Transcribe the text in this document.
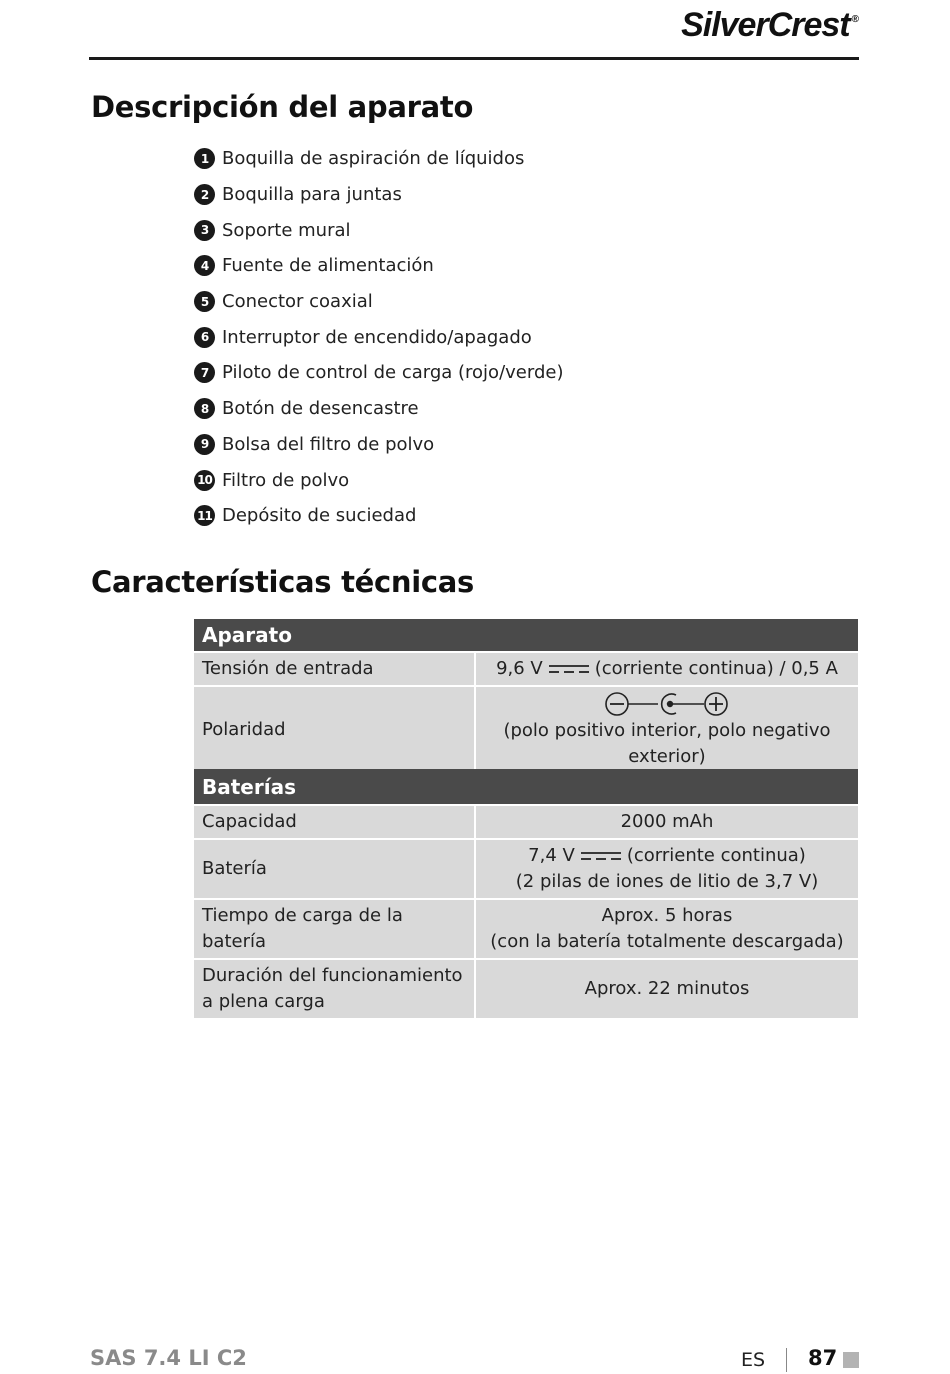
SilverCrest ®
Descripción del aparato
1 Boquilla de aspiración de líquidos
2 Boquilla para juntas
3 Soporte mural
4 Fuente de alimentación
5 Conector coaxial
6 Interruptor de encendido/apagado
7 Piloto de control de carga (rojo/verde)
8 Botón de desencastre
9 Bolsa del filtro de polvo
10 Filtro de polvo
11 Depósito de suciedad
Características técnicas
Aparato	
Tensión de entrada	9,6 V (corriente continua) / 0,5 A
Polaridad	(polo positivo interior, polo negativo exterior)
Baterías	
Capacidad	2000 mAh
Batería	7,4 V (corriente continua)
(2 pilas de iones de litio de 3,7 V)

Tiempo de carga de la batería	Aprox. 5 horas
(con la batería totalmente descargada)

Duración del funcionamiento
a plena carga	Aprox. 22 minutos
SAS 7.4 LI C2	ES 87
